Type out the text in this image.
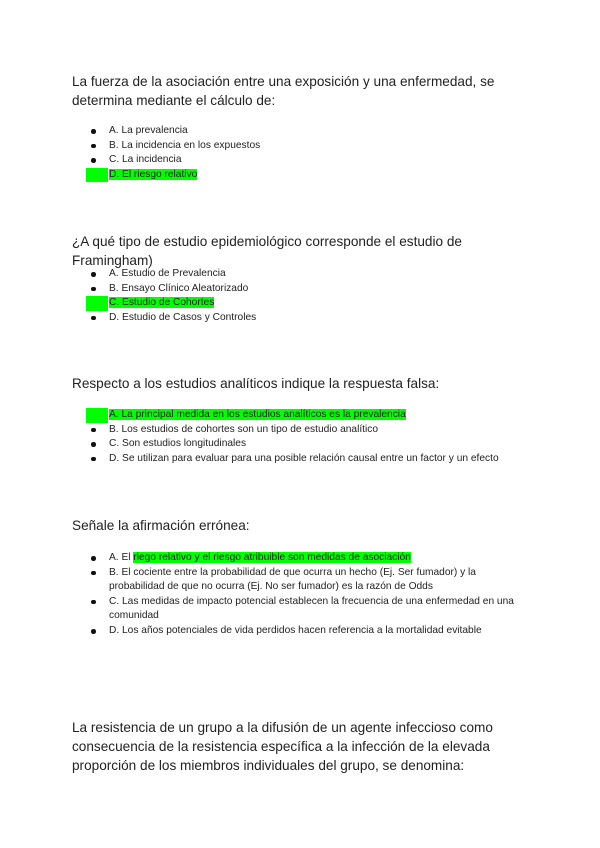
La fuerza de la asociación entre una exposición y una enfermedad, se determina mediante el cálculo de:

A. La prevalencia
B. La incidencia en los expuestos
C. La incidencia
D. El riesgo relativo

¿A qué tipo de estudio epidemiológico corresponde el estudio de Framingham)

A. Estudio de Prevalencia
B. Ensayo Clínico Aleatorizado
C. Estudio de Cohortes
D. Estudio de Casos y Controles

Respecto a los estudios analíticos indique la respuesta falsa:

A. La principal medida en los estudios analíticos es la prevalencia
B. Los estudios de cohortes son un tipo de estudio analítico
C. Son estudios longitudinales
D. Se utilizan para evaluar para una posible relación causal entre un factor y un efecto

Señale la afirmación errónea:

A. El riego relativo y el riesgo atribuible son medidas de asociación
B. El cociente entre la probabilidad de que ocurra un hecho (Ej. Ser fumador) y la probabilidad de que no ocurra (Ej. No ser fumador) es la razón de Odds
C. Las medidas de impacto potencial establecen la frecuencia de una enfermedad en una comunidad
D. Los años potenciales de vida perdidos hacen referencia a la mortalidad evitable

La resistencia de un grupo a la difusión de un agente infeccioso como consecuencia de la resistencia específica a la infección de la elevada proporción de los miembros individuales del grupo, se denomina:
